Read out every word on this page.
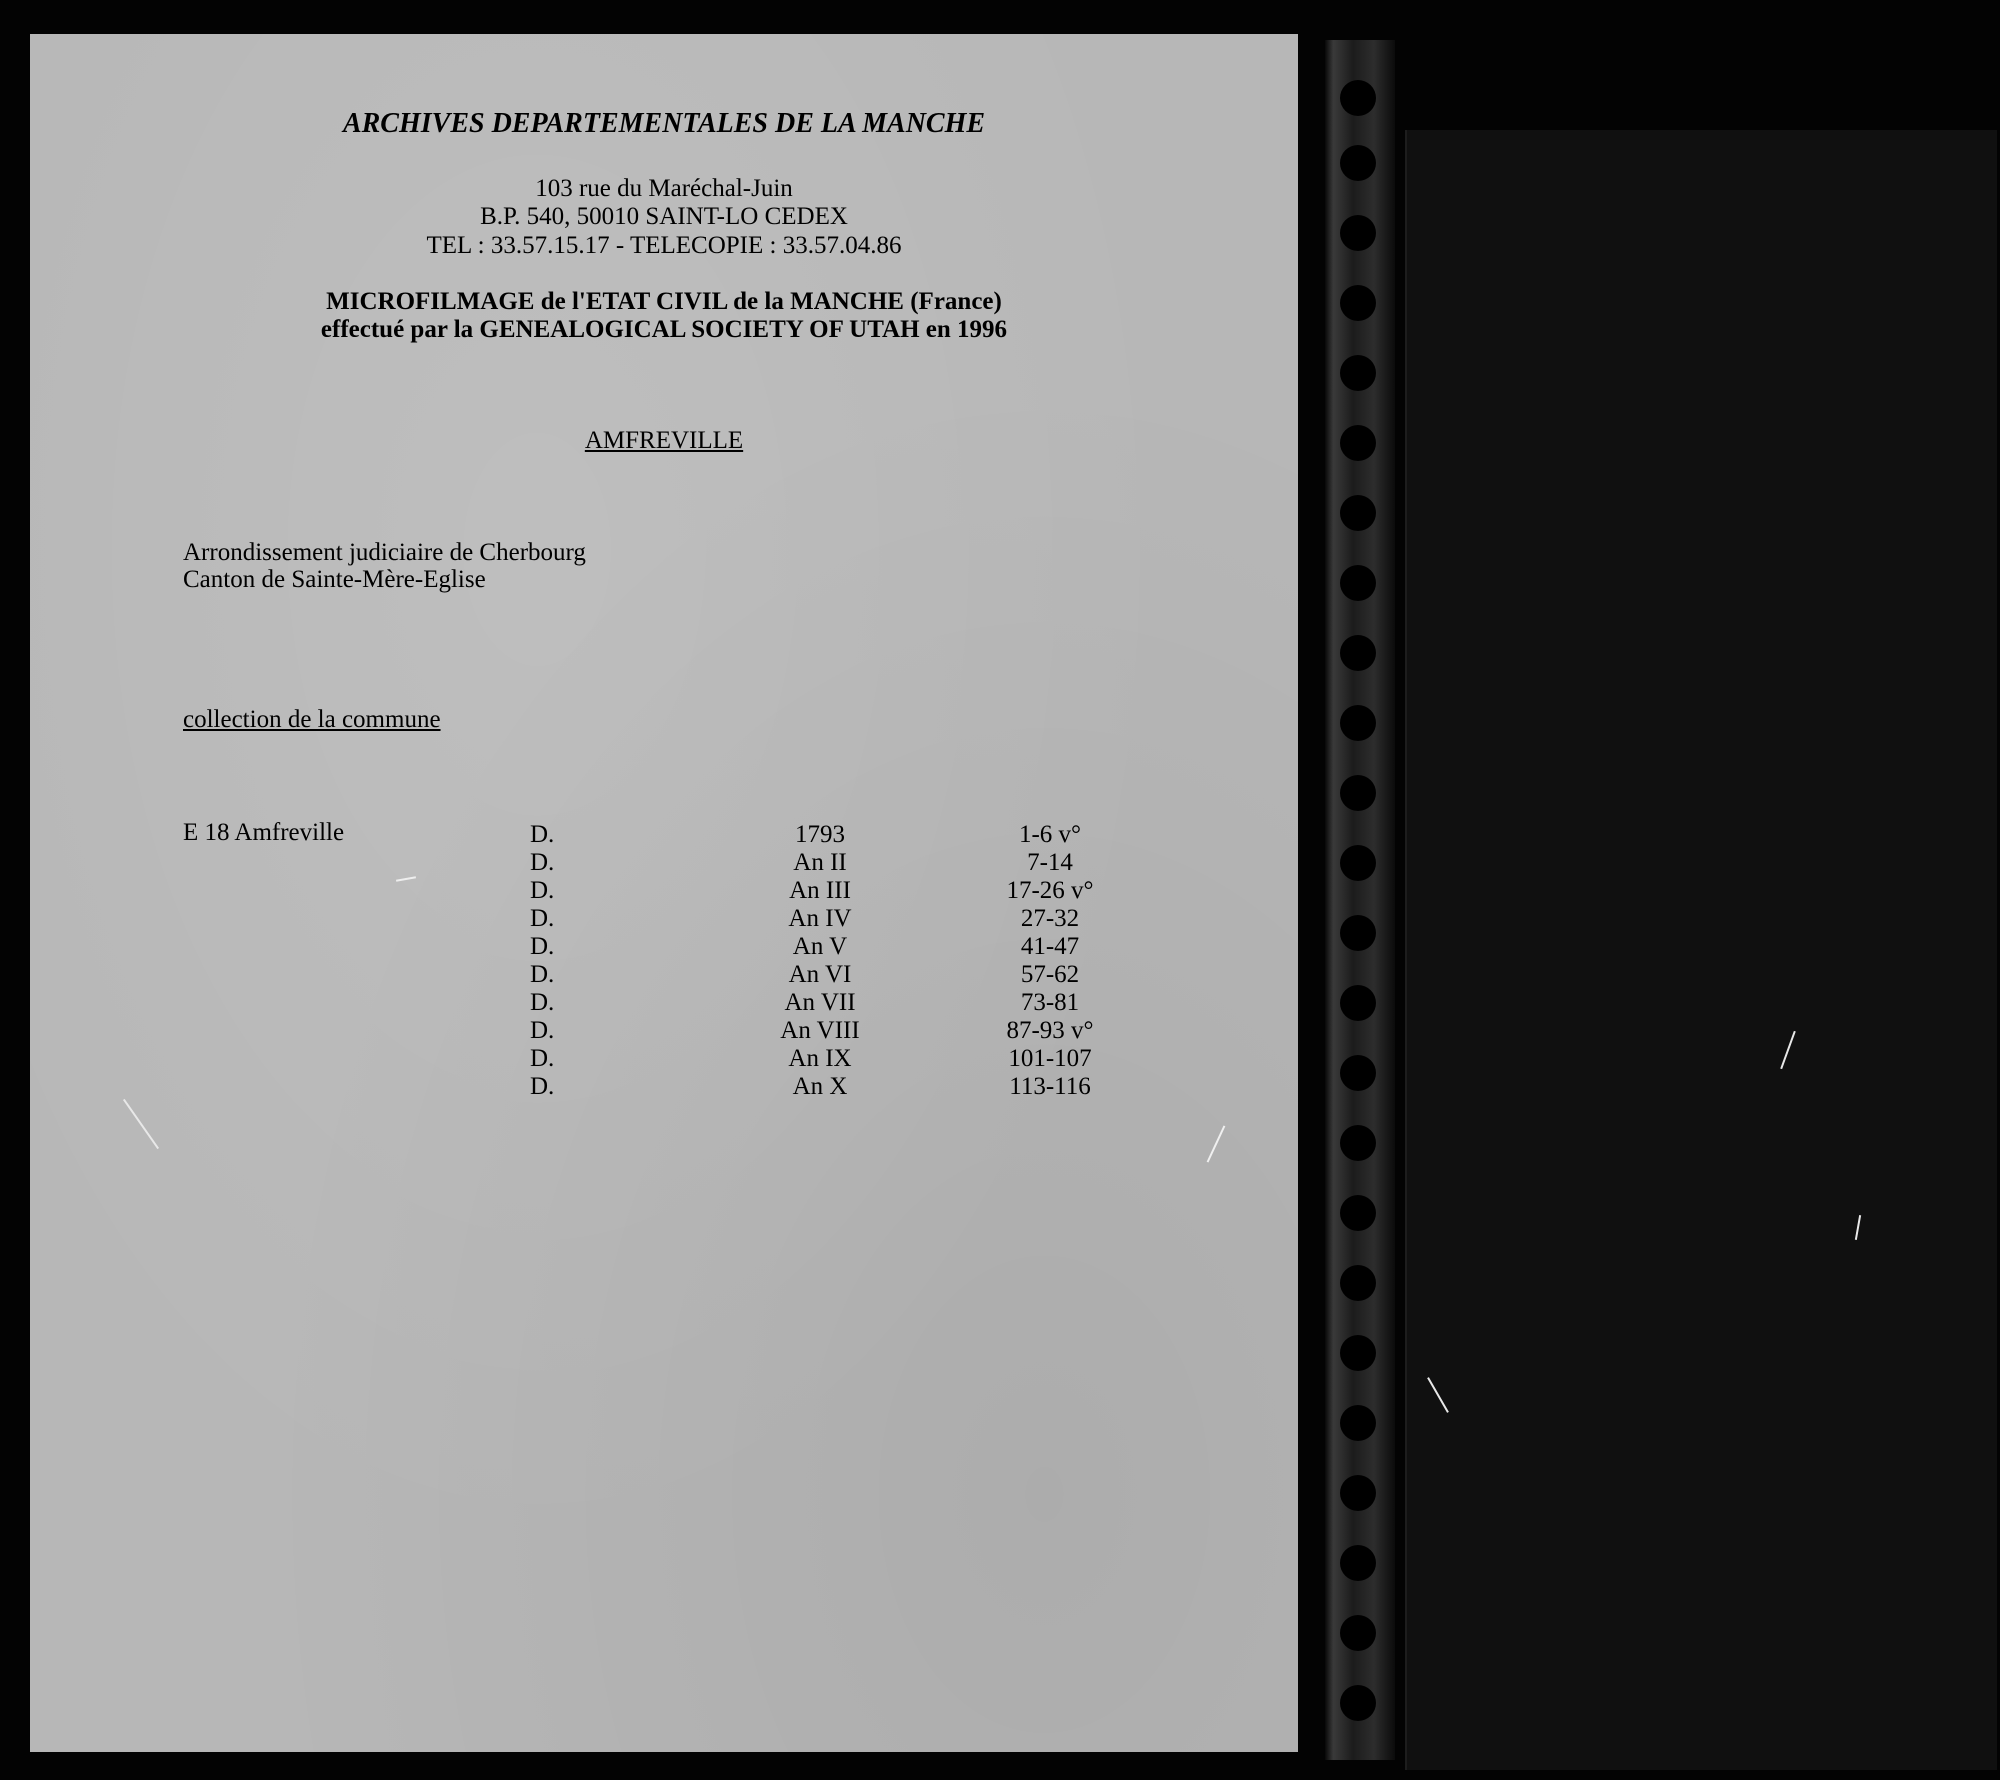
ARCHIVES DEPARTEMENTALES DE LA MANCHE
103 rue du Maréchal-Juin
B.P. 540, 50010 SAINT-LO CEDEX
TEL : 33.57.15.17 - TELECOPIE : 33.57.04.86
MICROFILMAGE de l'ETAT CIVIL de la MANCHE (France)
effectué par la GENEALOGICAL SOCIETY OF UTAH en 1996
AMFREVILLE
Arrondissement judiciaire de Cherbourg
Canton de Sainte-Mère-Eglise
collection de la commune
E 18 Amfreville	D.	1793	1-6 v°
D.	An II	7-14
D.	An III	17-26 v°
D.	An IV	27-32
D.	An V	41-47
D.	An VI	57-62
D.	An VII	73-81
D.	An VIII	87-93 v°
D.	An IX	101-107
D.	An X	113-116
